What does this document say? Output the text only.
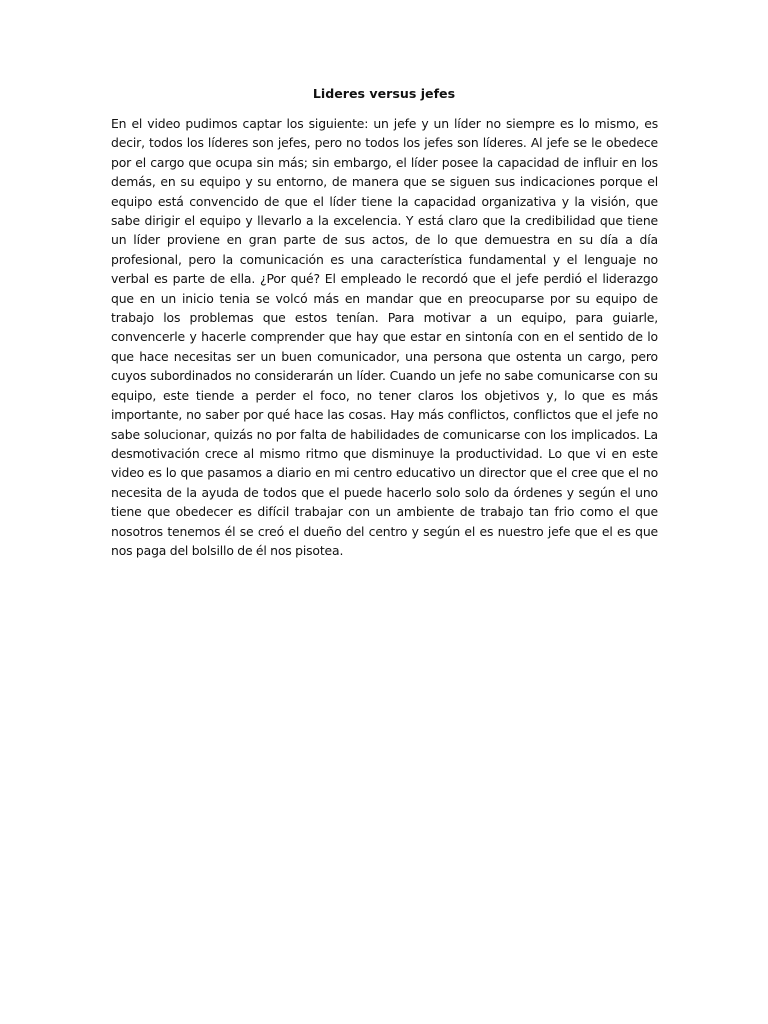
Lideres versus jefes

En el video pudimos captar los siguiente: un jefe y un líder no siempre es lo mismo, es decir, todos los líderes son jefes, pero no todos los jefes son líderes. Al jefe se le obedece por el cargo que ocupa sin más; sin embargo, el líder posee la capacidad de influir en los demás, en su equipo y su entorno, de manera que se siguen sus indicaciones porque el equipo está convencido de que el líder tiene la capacidad organizativa y la visión, que sabe dirigir el equipo y llevarlo a la excelencia. Y está claro que la credibilidad que tiene un líder proviene en gran parte de sus actos, de lo que demuestra en su día a día profesional, pero la comunicación es una característica fundamental y el lenguaje no verbal es parte de ella. ¿Por qué? El empleado le recordó que el jefe perdió el liderazgo que en un inicio tenia se volcó más en mandar que en preocuparse por su equipo de trabajo los problemas que estos tenían. Para motivar a un equipo, para guiarle, convencerle y hacerle comprender que hay que estar en sintonía con en el sentido de lo que hace necesitas ser un buen comunicador, una persona que ostenta un cargo, pero cuyos subordinados no considerarán un líder. Cuando un jefe no sabe comunicarse con su equipo, este tiende a perder el foco, no tener claros los objetivos y, lo que es más importante, no saber por qué hace las cosas. Hay más conflictos, conflictos que el jefe no sabe solucionar, quizás no por falta de habilidades de comunicarse con los implicados. La desmotivación crece al mismo ritmo que disminuye la productividad. Lo que vi en este video es lo que pasamos a diario en mi centro educativo un director que el cree que el no necesita de la ayuda de todos que el puede hacerlo solo solo da órdenes y según el uno tiene que obedecer es difícil trabajar con un ambiente de trabajo tan frio como el que nosotros tenemos él se creó el dueño del centro y según el es nuestro jefe que el es que nos paga del bolsillo de él nos pisotea.
